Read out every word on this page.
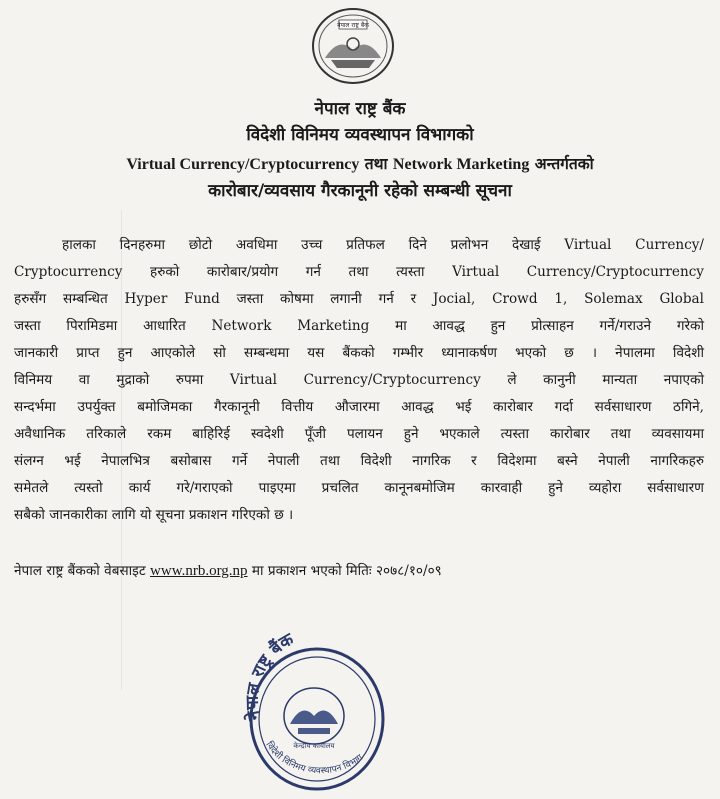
नेपाल राष्ट्र बैंक
नेपाल राष्ट्र बैंक
विदेशी विनिमय व्यवस्थापन विभागको
Virtual Currency/Cryptocurrency तथा Network Marketing अन्तर्गतको
कारोबार/व्यवसाय गैरकानूनी रहेको सम्बन्धी सूचना
हालका दिनहरुमा छोटो अवधिमा उच्च प्रतिफल दिने प्रलोभन देखाई Virtual Currency/
Cryptocurrency हरुको कारोबार/प्रयोग गर्न तथा त्यस्ता Virtual Currency/Cryptocurrency
हरुसँग सम्बन्धित Hyper Fund जस्ता कोषमा लगानी गर्न र Jocial, Crowd 1, Solemax Global
जस्ता पिरामिडमा आधारित Network Marketing मा आवद्ध हुन प्रोत्साहन गर्ने/गराउने गरेको
जानकारी प्राप्त हुन आएकोले सो सम्बन्धमा यस बैंकको गम्भीर ध्यानाकर्षण भएको छ । नेपालमा विदेशी
विनिमय वा मुद्राको रुपमा Virtual Currency/Cryptocurrency ले कानुनी मान्यता नपाएको
सन्दर्भमा उपर्युक्त बमोजिमका गैरकानूनी वित्तीय औजारमा आवद्ध भई कारोबार गर्दा सर्वसाधारण ठगिने,
अवैधानिक तरिकाले रकम बाहिरिई स्वदेशी पूँजी पलायन हुने भएकाले त्यस्ता कारोबार तथा व्यवसायमा
संलग्न भई नेपालभित्र बसोबास गर्ने नेपाली तथा विदेशी नागरिक र विदेशमा बस्ने नेपाली नागरिकहरु
समेतले त्यस्तो कार्य गरे/गराएको पाइएमा प्रचलित कानूनबमोजिम कारवाही हुने व्यहोरा सर्वसाधारण
सबैको जानकारीका लागि यो सूचना प्रकाशन गरिएको छ ।
नेपाल राष्ट्र बैंकको वेबसाइट www.nrb.org.np मा प्रकाशन भएको मितिः २०७८/१०/०९
नेपाल राष्ट्र बैंक
केन्द्रीय कार्यालय
विदेशी विनिमय व्यवस्थापन विभाग
